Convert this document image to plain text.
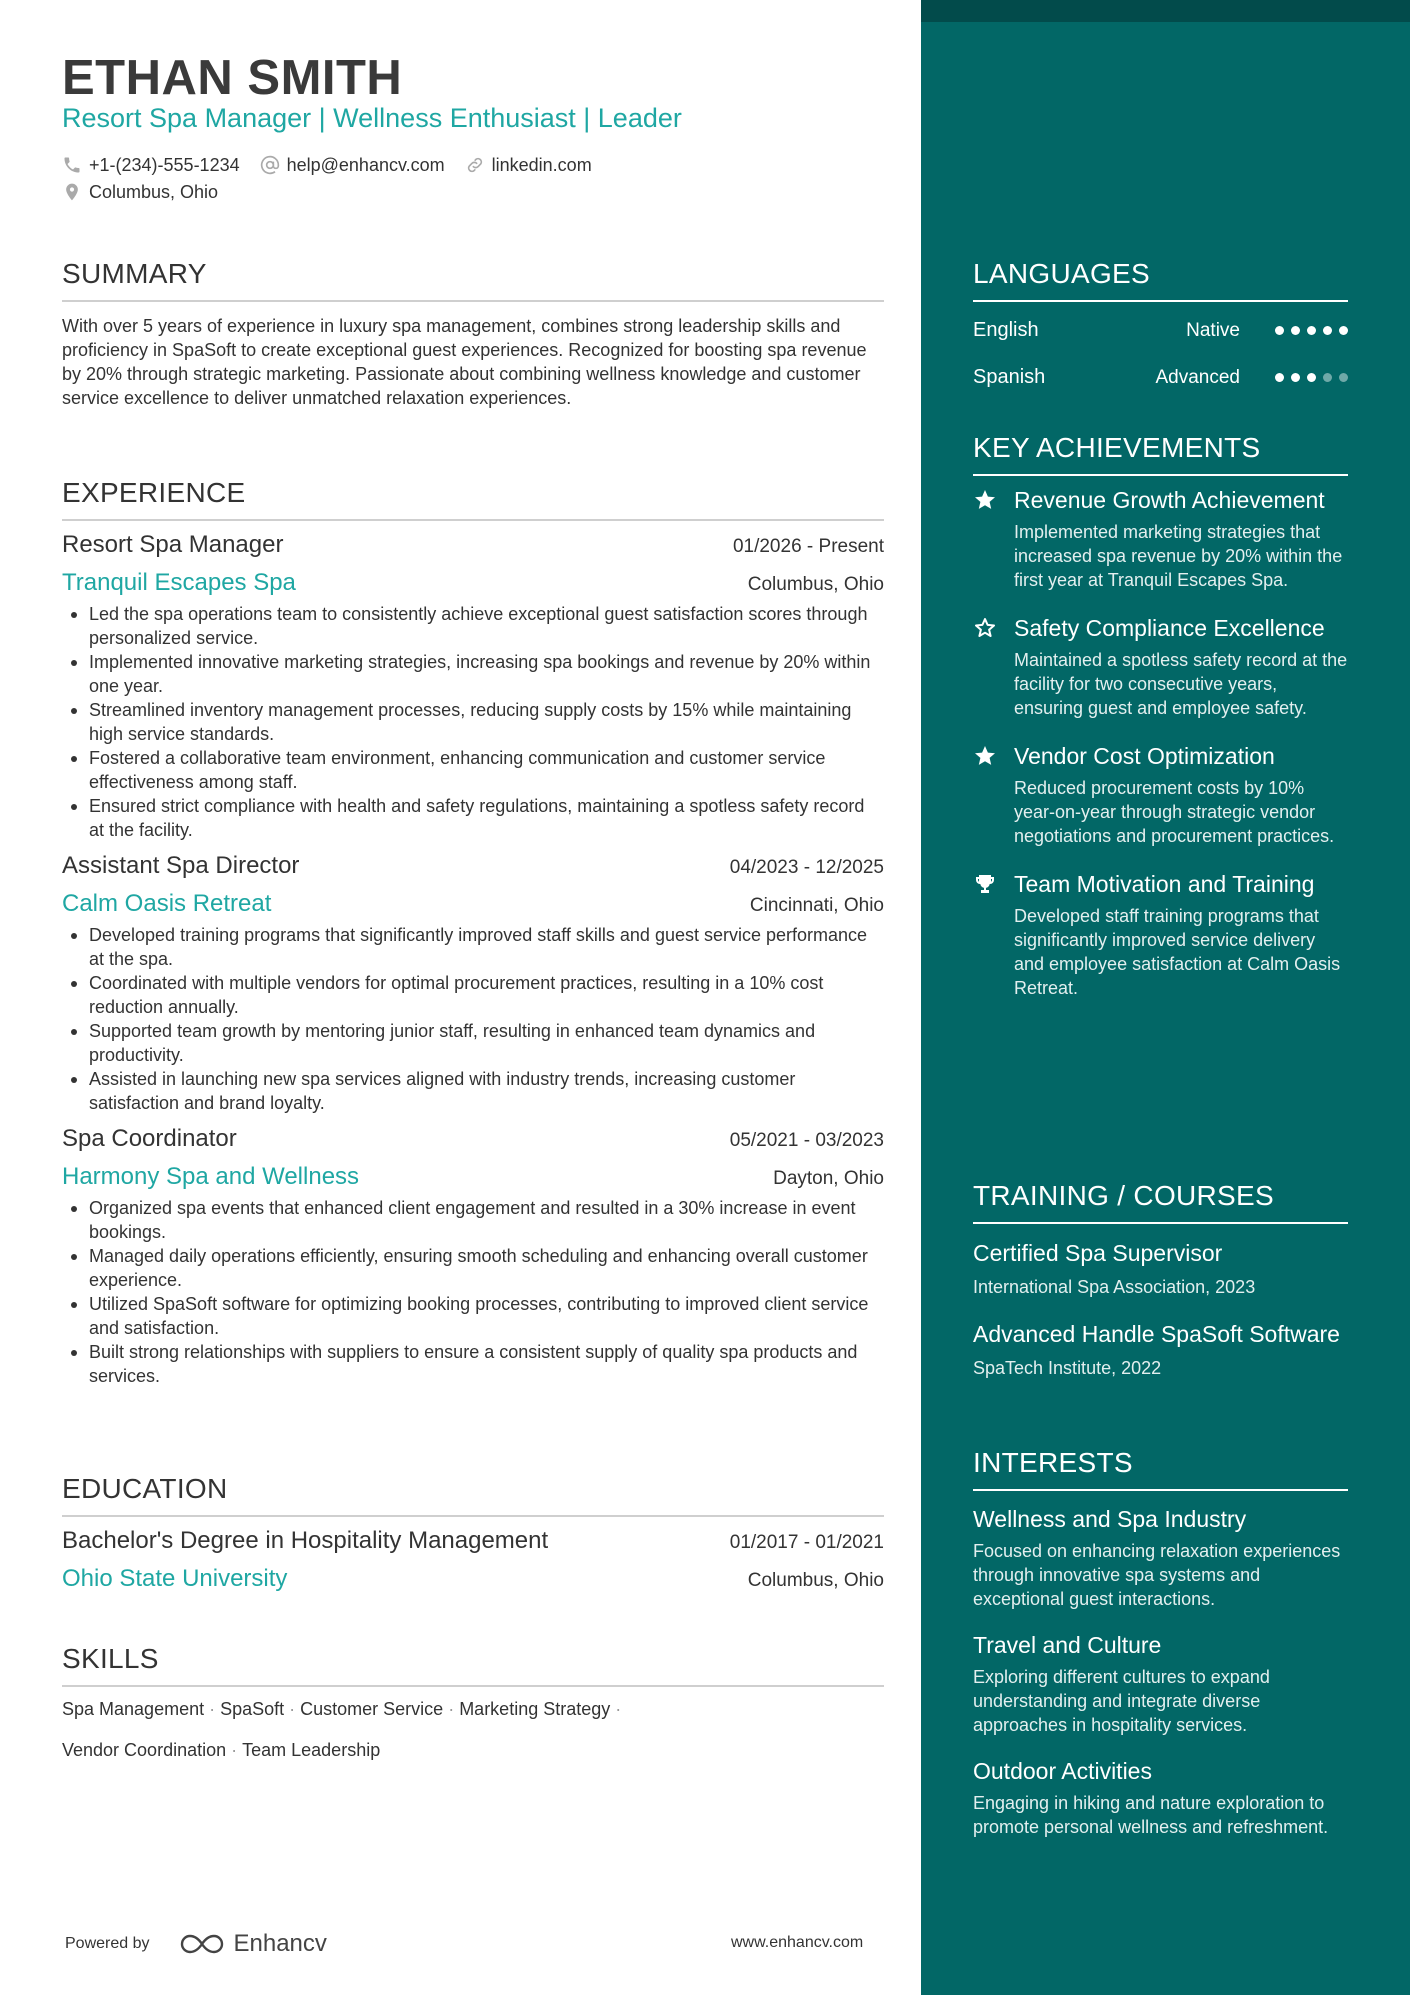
ETHAN SMITH
Resort Spa Manager | Wellness Enthusiast | Leader
+1-(234)-555-1234	help@enhancv.com	linkedin.com
Columbus, Ohio
SUMMARY
With over 5 years of experience in luxury spa management, combines strong leadership skills and proficiency in SpaSoft to create exceptional guest experiences. Recognized for boosting spa revenue by 20% through strategic marketing. Passionate about combining wellness knowledge and customer service excellence to deliver unmatched relaxation experiences.
EXPERIENCE
Resort Spa Manager	01/2026 - Present
Tranquil Escapes Spa	Columbus, Ohio
Led the spa operations team to consistently achieve exceptional guest satisfaction scores through personalized service.
Implemented innovative marketing strategies, increasing spa bookings and revenue by 20% within one year.
Streamlined inventory management processes, reducing supply costs by 15% while maintaining high service standards.
Fostered a collaborative team environment, enhancing communication and customer service effectiveness among staff.
Ensured strict compliance with health and safety regulations, maintaining a spotless safety record at the facility.
Assistant Spa Director	04/2023 - 12/2025
Calm Oasis Retreat	Cincinnati, Ohio
Developed training programs that significantly improved staff skills and guest service performance at the spa.
Coordinated with multiple vendors for optimal procurement practices, resulting in a 10% cost reduction annually.
Supported team growth by mentoring junior staff, resulting in enhanced team dynamics and productivity.
Assisted in launching new spa services aligned with industry trends, increasing customer satisfaction and brand loyalty.
Spa Coordinator	05/2021 - 03/2023
Harmony Spa and Wellness	Dayton, Ohio
Organized spa events that enhanced client engagement and resulted in a 30% increase in event bookings.
Managed daily operations efficiently, ensuring smooth scheduling and enhancing overall customer experience.
Utilized SpaSoft software for optimizing booking processes, contributing to improved client service and satisfaction.
Built strong relationships with suppliers to ensure a consistent supply of quality spa products and services.
EDUCATION
Bachelor's Degree in Hospitality Management	01/2017 - 01/2021
Ohio State University	Columbus, Ohio
SKILLS
Spa Management · SpaSoft · Customer Service · Marketing Strategy ·
Vendor Coordination · Team Leadership
Powered by	Enhancv	www.enhancv.com
LANGUAGES
English	Native
Spanish	Advanced
KEY ACHIEVEMENTS
Revenue Growth Achievement
Implemented marketing strategies that increased spa revenue by 20% within the first year at Tranquil Escapes Spa.
Safety Compliance Excellence
Maintained a spotless safety record at the facility for two consecutive years, ensuring guest and employee safety.
Vendor Cost Optimization
Reduced procurement costs by 10% year-on-year through strategic vendor negotiations and procurement practices.
Team Motivation and Training
Developed staff training programs that significantly improved service delivery and employee satisfaction at Calm Oasis Retreat.
TRAINING / COURSES
Certified Spa Supervisor
International Spa Association, 2023
Advanced Handle SpaSoft Software
SpaTech Institute, 2022
INTERESTS
Wellness and Spa Industry
Focused on enhancing relaxation experiences through innovative spa systems and exceptional guest interactions.
Travel and Culture
Exploring different cultures to expand understanding and integrate diverse approaches in hospitality services.
Outdoor Activities
Engaging in hiking and nature exploration to promote personal wellness and refreshment.
